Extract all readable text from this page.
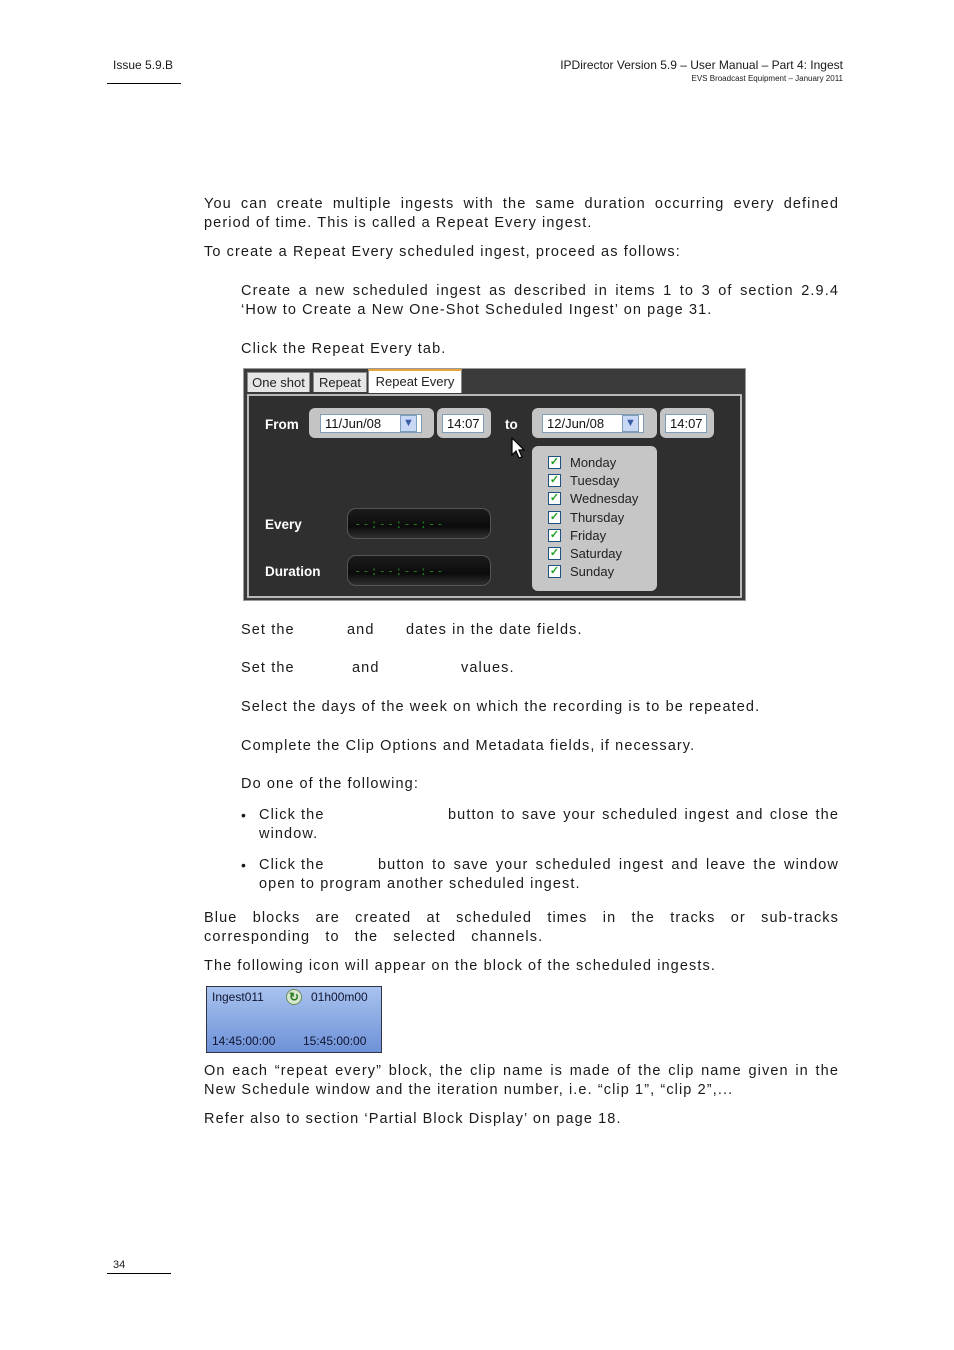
Issue 5.9.B	IPDirector Version 5.9 – User Manual – Part 4: Ingest
EVS Broadcast Equipment – January 2011
You can create multiple ingests with the same duration occurring every defined period of time. This is called a Repeat Every ingest.
To create a Repeat Every scheduled ingest, proceed as follows:
Create a new scheduled ingest as described in items 1 to 3 of section 2.9.4 ‘How to Create a New One-Shot Scheduled Ingest’ on page 31.
Click the Repeat Every tab.
One shot	Repeat	Repeat Every
From	11/Jun/08	▼	14:07	to	12/Jun/08	▼	14:07
✓ Monday
✓ Tuesday
✓ Wednesday
✓ Thursday
✓ Friday
✓ Saturday
✓ Sunday
Every	--:--:--:--
Duration	--:--:--:--
Set the	and dates in the date fields.
Set the	and	values.
Select the days of the week on which the recording is to be repeated.
Complete the Clip Options and Metadata fields, if necessary.
Do one of the following:
• Click the	button to save your scheduled ingest and close the window.
• Click the	button to save your scheduled ingest and leave the window open to program another scheduled ingest.
Blue blocks are created at scheduled times in the tracks or sub-tracks corresponding to the selected channels.
The following icon will appear on the block of the scheduled ingests.
Ingest011 ↻ 01h00m00
14:45:00:00 15:45:00:00
On each “repeat every” block, the clip name is made of the clip name given in the New Schedule window and the iteration number, i.e. “clip 1”, “clip 2”,...
Refer also to section ‘Partial Block Display’ on page 18.
34
